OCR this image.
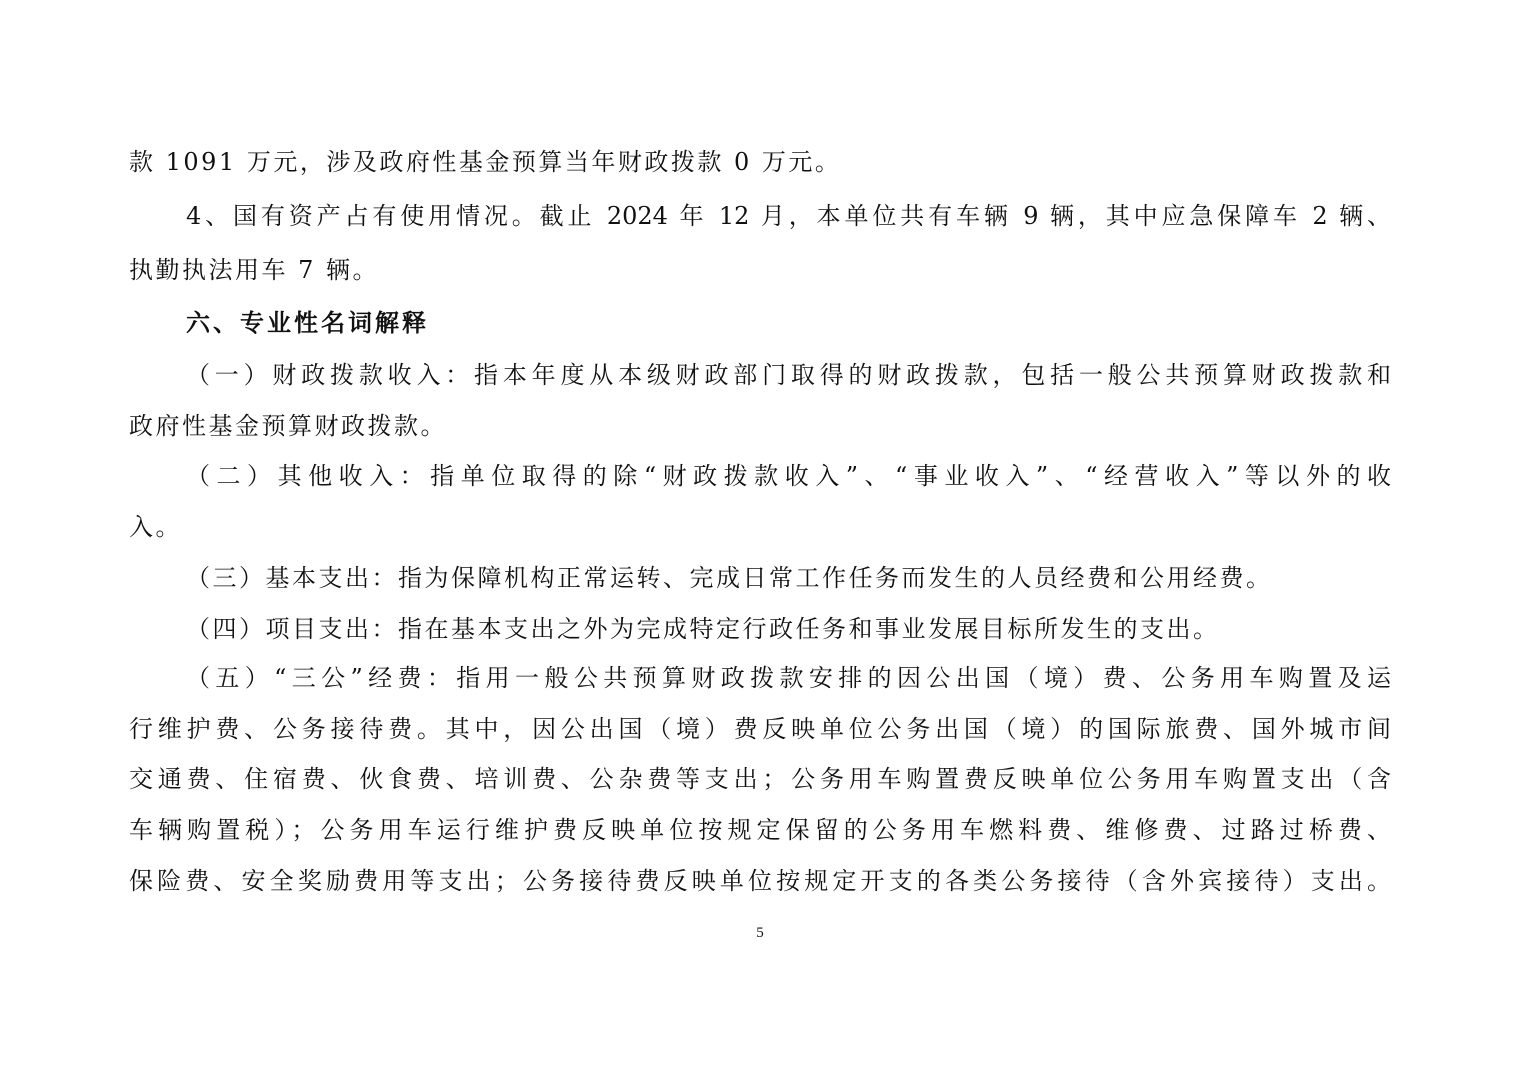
款 1091 万元，涉及政府性基金预算当年财政拨款 0 万元。
4、国有资产占有使用情况。截止 2024 年 12 月，本单位共有车辆 9 辆，其中应急保障车 2 辆、
执勤执法用车 7 辆。
六、专业性名词解释
（一）财政拨款收入：指本年度从本级财政部门取得的财政拨款，包括一般公共预算财政拨款和
政府性基金预算财政拨款。
（二）其他收入：指单位取得的除“财政拨款收入”、“事业收入”、“经营收入”等以外的收
入。
（三）基本支出：指为保障机构正常运转、完成日常工作任务而发生的人员经费和公用经费。
（四）项目支出：指在基本支出之外为完成特定行政任务和事业发展目标所发生的支出。
（五）“三公”经费：指用一般公共预算财政拨款安排的因公出国（境）费、公务用车购置及运
行维护费、公务接待费。其中，因公出国（境）费反映单位公务出国（境）的国际旅费、国外城市间
交通费、住宿费、伙食费、培训费、公杂费等支出；公务用车购置费反映单位公务用车购置支出（含
车辆购置税）；公务用车运行维护费反映单位按规定保留的公务用车燃料费、维修费、过路过桥费、
保险费、安全奖励费用等支出；公务接待费反映单位按规定开支的各类公务接待（含外宾接待）支出。
5
